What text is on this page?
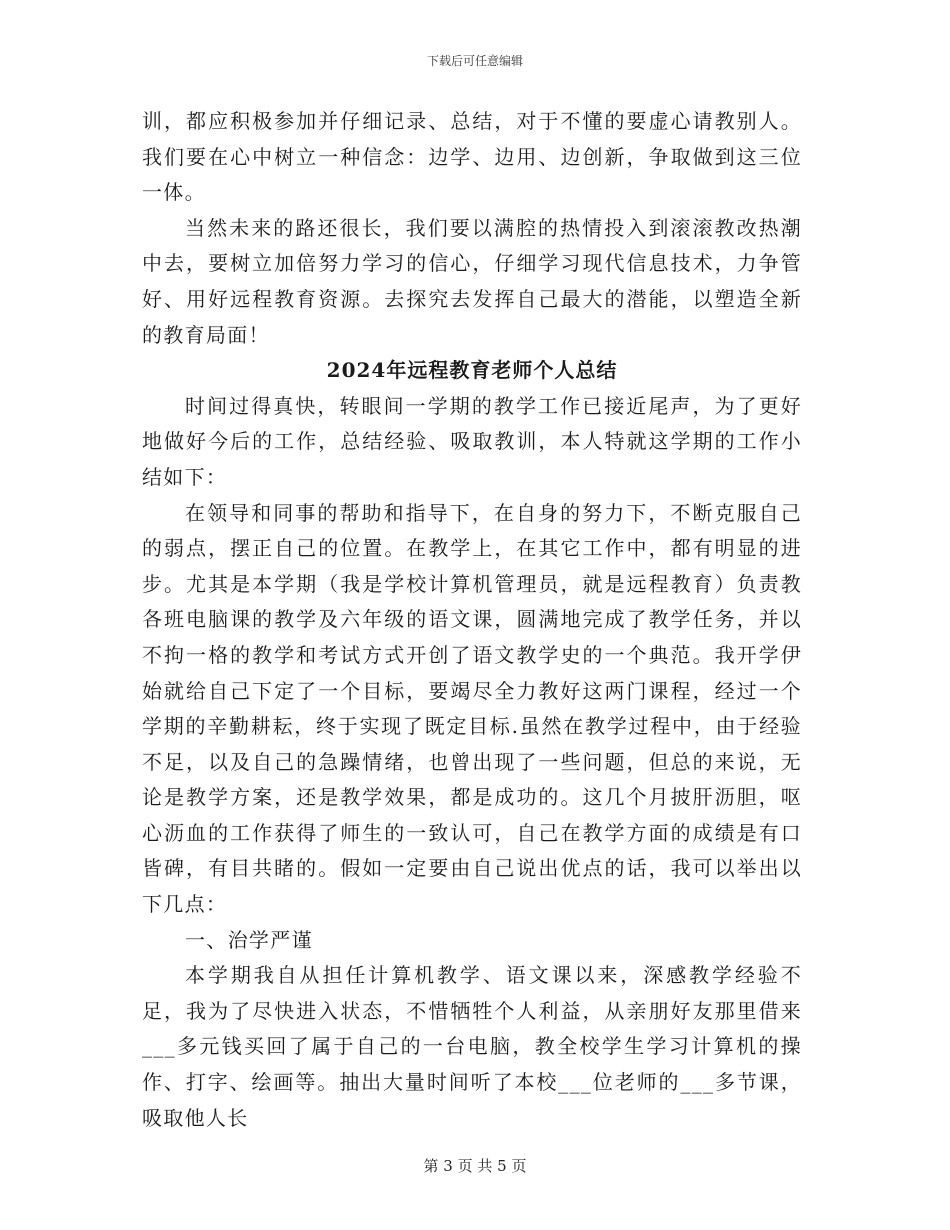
下载后可任意编辑

训，都应积极参加并仔细记录、总结，对于不懂的要虚心请教别人。我们要在心中树立一种信念：边学、边用、边创新，争取做到这三位一体。

当然未来的路还很长，我们要以满腔的热情投入到滚滚教改热潮中去，要树立加倍努力学习的信心，仔细学习现代信息技术，力争管好、用好远程教育资源。去探究去发挥自己最大的潜能，以塑造全新的教育局面！

2024年远程教育老师个人总结

时间过得真快，转眼间一学期的教学工作已接近尾声，为了更好地做好今后的工作，总结经验、吸取教训，本人特就这学期的工作小结如下：

在领导和同事的帮助和指导下，在自身的努力下，不断克服自己的弱点，摆正自己的位置。在教学上，在其它工作中，都有明显的进步。尤其是本学期（我是学校计算机管理员，就是远程教育）负责教各班电脑课的教学及六年级的语文课，圆满地完成了教学任务，并以不拘一格的教学和考试方式开创了语文教学史的一个典范。我开学伊始就给自己下定了一个目标，要竭尽全力教好这两门课程，经过一个学期的辛勤耕耘，终于实现了既定目标.虽然在教学过程中，由于经验不足，以及自己的急躁情绪，也曾出现了一些问题，但总的来说，无论是教学方案，还是教学效果，都是成功的。这几个月披肝沥胆，呕心沥血的工作获得了师生的一致认可，自己在教学方面的成绩是有口皆碑，有目共睹的。假如一定要由自己说出优点的话，我可以举出以下几点：

一、治学严谨

本学期我自从担任计算机教学、语文课以来，深感教学经验不足，我为了尽快进入状态，不惜牺牲个人利益，从亲朋好友那里借来___多元钱买回了属于自己的一台电脑，教全校学生学习计算机的操作、打字、绘画等。抽出大量时间听了本校___位老师的___多节课，吸取他人长

第 3 页 共 5 页
